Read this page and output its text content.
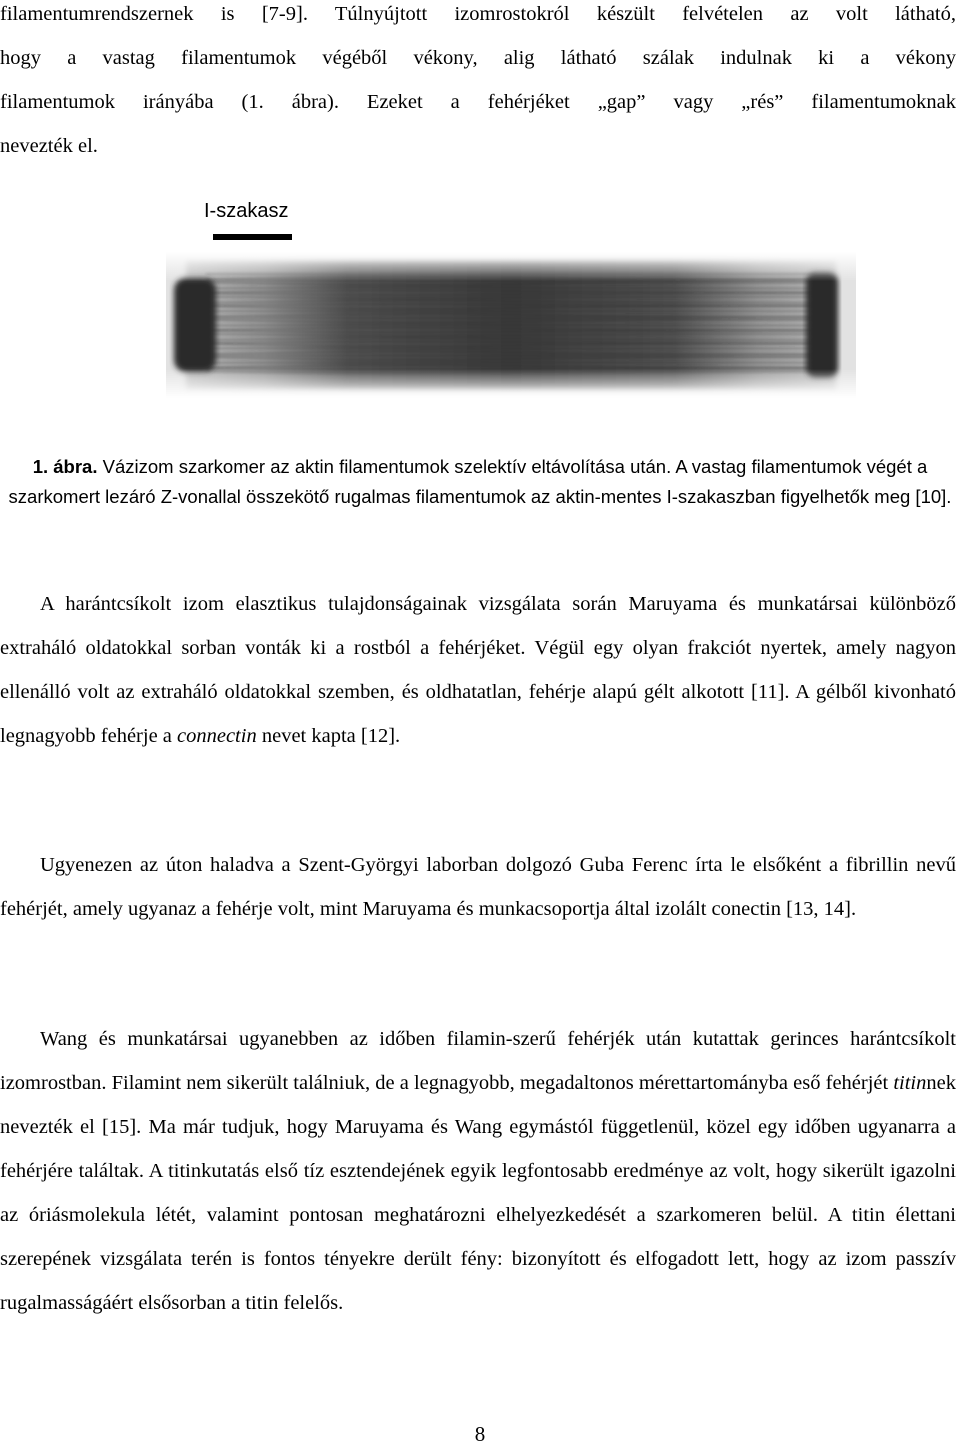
filamentumrendszernek is [7-9]. Túlnyújtott izomrostokról készült felvételen az volt látható,
hogy a vastag filamentumok végéből vékony, alig látható szálak indulnak ki a vékony
filamentumok irányába (1. ábra). Ezeket a fehérjéket „gap” vagy „rés” filamentumoknak
nevezték el.
I-szakasz
1. ábra. Vázizom szarkomer az aktin filamentumok szelektív eltávolítása után. A vastag filamentumok végét a szarkomert lezáró Z-vonallal összekötő rugalmas filamentumok az aktin-mentes I-szakaszban figyelhetők meg [10].
A harántcsíkolt izom elasztikus tulajdonságainak vizsgálata során Maruyama és munkatársai különböző extraháló oldatokkal sorban vonták ki a rostból a fehérjéket. Végül egy olyan frakciót nyertek, amely nagyon ellenálló volt az extraháló oldatokkal szemben, és oldhatatlan, fehérje alapú gélt alkotott [11]. A gélből kivonható legnagyobb fehérje a connectin nevet kapta [12].
Ugyenezen az úton haladva a Szent-Györgyi laborban dolgozó Guba Ferenc írta le elsőként a fibrillin nevű fehérjét, amely ugyanaz a fehérje volt, mint Maruyama és munkacsoportja által izolált conectin [13, 14].
Wang és munkatársai ugyanebben az időben filamin-szerű fehérjék után kutattak gerinces harántcsíkolt izomrostban. Filamint nem sikerült találniuk, de a legnagyobb, megadaltonos mérettartományba eső fehérjét titinnek nevezték el [15]. Ma már tudjuk, hogy Maruyama és Wang egymástól függetlenül, közel egy időben ugyanarra a fehérjére találtak. A titinkutatás első tíz esztendejének egyik legfontosabb eredménye az volt, hogy sikerült igazolni az óriásmolekula létét, valamint pontosan meghatározni elhelyezkedését a szarkomeren belül. A titin élettani szerepének vizsgálata terén is fontos tényekre derült fény: bizonyított és elfogadott lett, hogy az izom passzív rugalmasságáért elsősorban a titin felelős.
8
